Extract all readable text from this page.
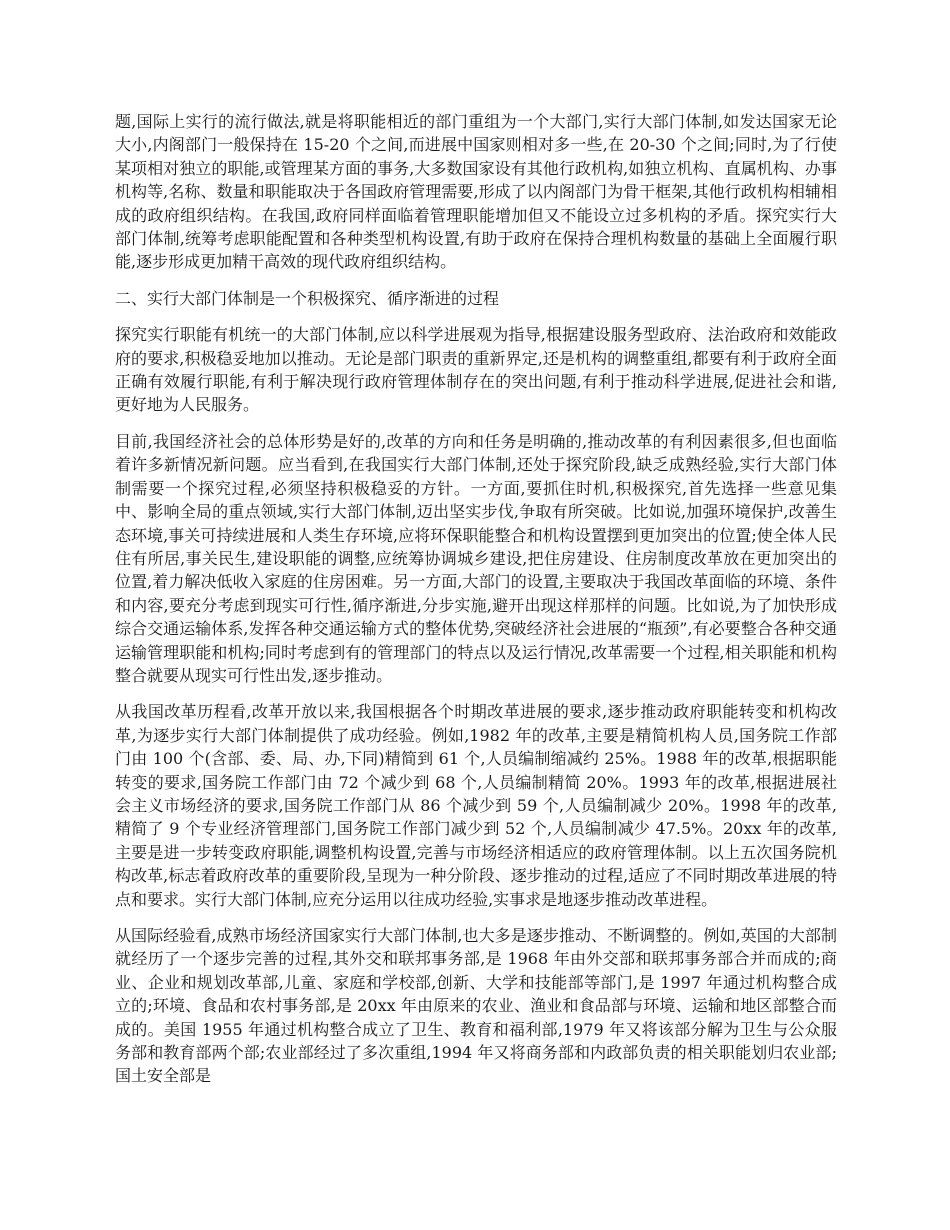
题,国际上实行的流行做法,就是将职能相近的部门重组为一个大部门,实行大部门体制,如发达国家无论大小,内阁部门一般保持在 15-20 个之间,而进展中国家则相对多一些,在 20-30 个之间;同时,为了行使某项相对独立的职能,或管理某方面的事务,大多数国家设有其他行政机构,如独立机构、直属机构、办事机构等,名称、数量和职能取决于各国政府管理需要,形成了以内阁部门为骨干框架,其他行政机构相辅相成的政府组织结构。在我国,政府同样面临着管理职能增加但又不能设立过多机构的矛盾。探究实行大部门体制,统筹考虑职能配置和各种类型机构设置,有助于政府在保持合理机构数量的基础上全面履行职能,逐步形成更加精干高效的现代政府组织结构。

二、实行大部门体制是一个积极探究、循序渐进的过程

探究实行职能有机统一的大部门体制,应以科学进展观为指导,根据建设服务型政府、法治政府和效能政府的要求,积极稳妥地加以推动。无论是部门职责的重新界定,还是机构的调整重组,都要有利于政府全面正确有效履行职能,有利于解决现行政府管理体制存在的突出问题,有利于推动科学进展,促进社会和谐,更好地为人民服务。

目前,我国经济社会的总体形势是好的,改革的方向和任务是明确的,推动改革的有利因素很多,但也面临着许多新情况新问题。应当看到,在我国实行大部门体制,还处于探究阶段,缺乏成熟经验,实行大部门体制需要一个探究过程,必须坚持积极稳妥的方针。一方面,要抓住时机,积极探究,首先选择一些意见集中、影响全局的重点领域,实行大部门体制,迈出坚实步伐,争取有所突破。比如说,加强环境保护,改善生态环境,事关可持续进展和人类生存环境,应将环保职能整合和机构设置摆到更加突出的位置;使全体人民住有所居,事关民生,建设职能的调整,应统筹协调城乡建设,把住房建设、住房制度改革放在更加突出的位置,着力解决低收入家庭的住房困难。另一方面,大部门的设置,主要取决于我国改革面临的环境、条件和内容,要充分考虑到现实可行性,循序渐进,分步实施,避开出现这样那样的问题。比如说,为了加快形成综合交通运输体系,发挥各种交通运输方式的整体优势,突破经济社会进展的“瓶颈”,有必要整合各种交通运输管理职能和机构;同时考虑到有的管理部门的特点以及运行情况,改革需要一个过程,相关职能和机构整合就要从现实可行性出发,逐步推动。

从我国改革历程看,改革开放以来,我国根据各个时期改革进展的要求,逐步推动政府职能转变和机构改革,为逐步实行大部门体制提供了成功经验。例如,1982 年的改革,主要是精简机构人员,国务院工作部门由 100 个(含部、委、局、办,下同)精简到 61 个,人员编制缩减约 25%。1988 年的改革,根据职能转变的要求,国务院工作部门由 72 个减少到 68 个,人员编制精简 20%。1993 年的改革,根据进展社会主义市场经济的要求,国务院工作部门从 86 个减少到 59 个,人员编制减少 20%。1998 年的改革,精简了 9 个专业经济管理部门,国务院工作部门减少到 52 个,人员编制减少 47.5%。20xx 年的改革,主要是进一步转变政府职能,调整机构设置,完善与市场经济相适应的政府管理体制。以上五次国务院机构改革,标志着政府改革的重要阶段,呈现为一种分阶段、逐步推动的过程,适应了不同时期改革进展的特点和要求。实行大部门体制,应充分运用以往成功经验,实事求是地逐步推动改革进程。

从国际经验看,成熟市场经济国家实行大部门体制,也大多是逐步推动、不断调整的。例如,英国的大部制就经历了一个逐步完善的过程,其外交和联邦事务部,是 1968 年由外交部和联邦事务部合并而成的;商业、企业和规划改革部,儿童、家庭和学校部,创新、大学和技能部等部门,是 1997 年通过机构整合成立的;环境、食品和农村事务部,是 20xx 年由原来的农业、渔业和食品部与环境、运输和地区部整合而成的。美国 1955 年通过机构整合成立了卫生、教育和福利部,1979 年又将该部分解为卫生与公众服务部和教育部两个部;农业部经过了多次重组,1994 年又将商务部和内政部负责的相关职能划归农业部;国土安全部是
